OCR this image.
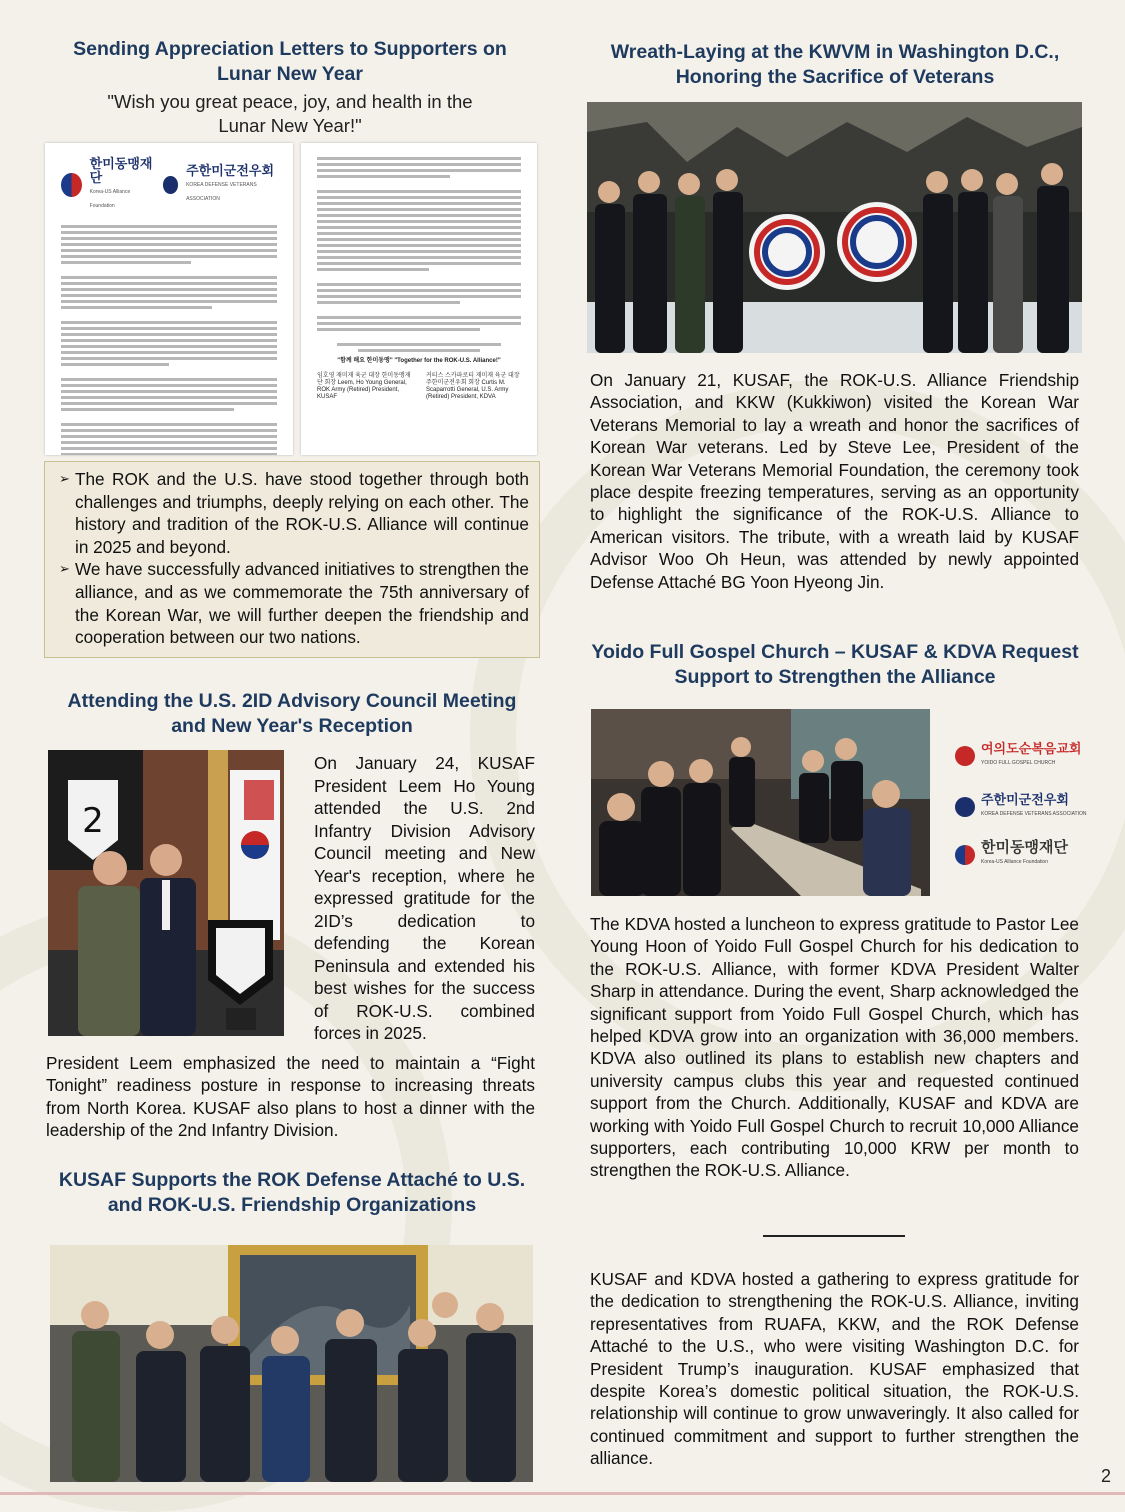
Sending Appreciation Letters to Supporters on Lunar New Year
"Wish you great peace, joy, and health in the Lunar New Year!"
한미동맹재단
Korea-US Alliance Foundation
주한미군전우회
KOREA DEFENSE VETERANS ASSOCIATION
"함께 해요 한미동맹" "Together for the ROK-U.S. Alliance!"
임호영 재미재 육군 대장 한미동맹재단 회장 Leem, Ho Young General, ROK Army (Retired) President, KUSAF
커티스 스카파로티 재미재 육군 대장 주한미군전우회 회장 Curtis M. Scaparrotti General, U.S. Army (Retired) President, KDVA
➢ The ROK and the U.S. have stood together through both challenges and triumphs, deeply relying on each other. The history and tradition of the ROK-U.S. Alliance will continue in 2025 and beyond.
➢ We have successfully advanced initiatives to strengthen the alliance, and as we commemorate the 75th anniversary of the Korean War, we will further deepen the friendship and cooperation between our two nations.
Attending the U.S. 2ID Advisory Council Meeting and New Year's Reception
2

On January 24, KUSAF President Leem Ho Young attended the U.S. 2nd Infantry Division Advisory Council meeting and New Year's reception, where he expressed gratitude for the 2ID’s dedication to defending the Korean Peninsula and extended his best wishes for the success of ROK-U.S. combined forces in 2025.

President Leem emphasized the need to maintain a “Fight Tonight” readiness posture in response to increasing threats from North Korea. KUSAF also plans to host a dinner with the leadership of the 2nd Infantry Division.

KUSAF Supports the ROK Defense Attaché to U.S. and ROK-U.S. Friendship Organizations
Wreath-Laying at the KWVM in Washington D.C., Honoring the Sacrifice of Veterans

On January 21, KUSAF, the ROK-U.S. Alliance Friendship Association, and KKW (Kukkiwon) visited the Korean War Veterans Memorial to lay a wreath and honor the sacrifices of Korean War veterans. Led by Steve Lee, President of the Korean War Veterans Memorial Foundation, the ceremony took place despite freezing temperatures, serving as an opportunity to highlight the significance of the ROK-U.S. Alliance to American visitors. The tribute, with a wreath laid by KUSAF Advisor Woo Oh Heun, was attended by newly appointed Defense Attaché BG Yoon Hyeong Jin.

Yoido Full Gospel Church – KUSAF & KDVA Request Support to Strengthen the Alliance
여의도순복음교회
YOIDO FULL GOSPEL CHURCH
주한미군전우회
KOREA DEFENSE VETERANS ASSOCIATION
한미동맹재단
Korea-US Alliance Foundation

The KDVA hosted a luncheon to express gratitude to Pastor Lee Young Hoon of Yoido Full Gospel Church for his dedication to the ROK-U.S. Alliance, with former KDVA President Walter Sharp in attendance. During the event, Sharp acknowledged the significant support from Yoido Full Gospel Church, which has helped KDVA grow into an organization with 36,000 members. KDVA also outlined its plans to establish new chapters and university campus clubs this year and requested continued support from the Church. Additionally, KUSAF and KDVA are working with Yoido Full Gospel Church to recruit 10,000 Alliance supporters, each contributing 10,000 KRW per month to strengthen the ROK-U.S. Alliance.

KUSAF and KDVA hosted a gathering to express gratitude for the dedication to strengthening the ROK-U.S. Alliance, inviting representatives from RUAFA, KKW, and the ROK Defense Attaché to the U.S., who were visiting Washington D.C. for President Trump’s inauguration. KUSAF emphasized that despite Korea’s domestic political situation, the ROK-U.S. relationship will continue to grow unwaveringly. It also called for continued commitment and support to further strengthen the alliance.

2
